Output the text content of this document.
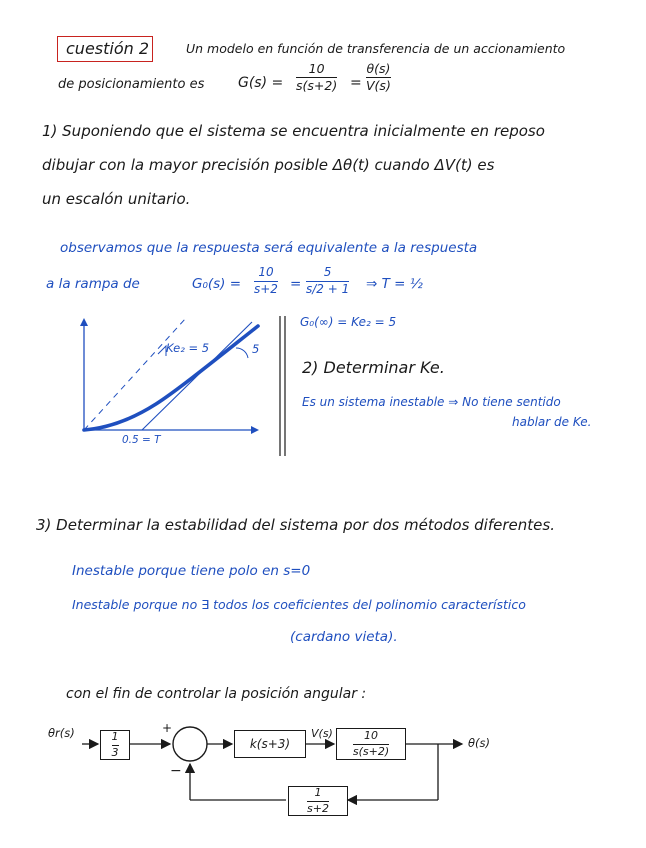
cuestión 2	Un modelo en función de transferencia de un accionamiento
de posicionamiento es G(s) =
10
s(s+2) =
θ(s)
V(s)
1) Suponiendo que el sistema se encuentra inicialmente en reposo
dibujar con la mayor precisión posible Δθ(t) cuando ΔV(t) es
un escalón unitario.
observamos que la respuesta será equivalente a la respuesta
a la rampa de	G₀(s) =
10
s+2 =
5
s/2 + 1 ⇒ T = ½
G₀(∞) = Ke₂ = 5
Ke₂ = 5	5
0.5 = T
2) Determinar Ke.
Es un sistema inestable ⇒ No tiene sentido
hablar de Ke.
3) Determinar la estabilidad del sistema por dos métodos diferentes.
Inestable porque tiene polo en s=0
Inestable porque no ∃ todos los coeficientes del polinomio característico
(cardano vieta).
con el fin de controlar la posición angular :
θr(s)	$\frac{1}{3}$
+
−
k(s+3)
$V(s) \frac{10}{s(s+2)}$	θ(s)
$\frac{1}{s+2}$
